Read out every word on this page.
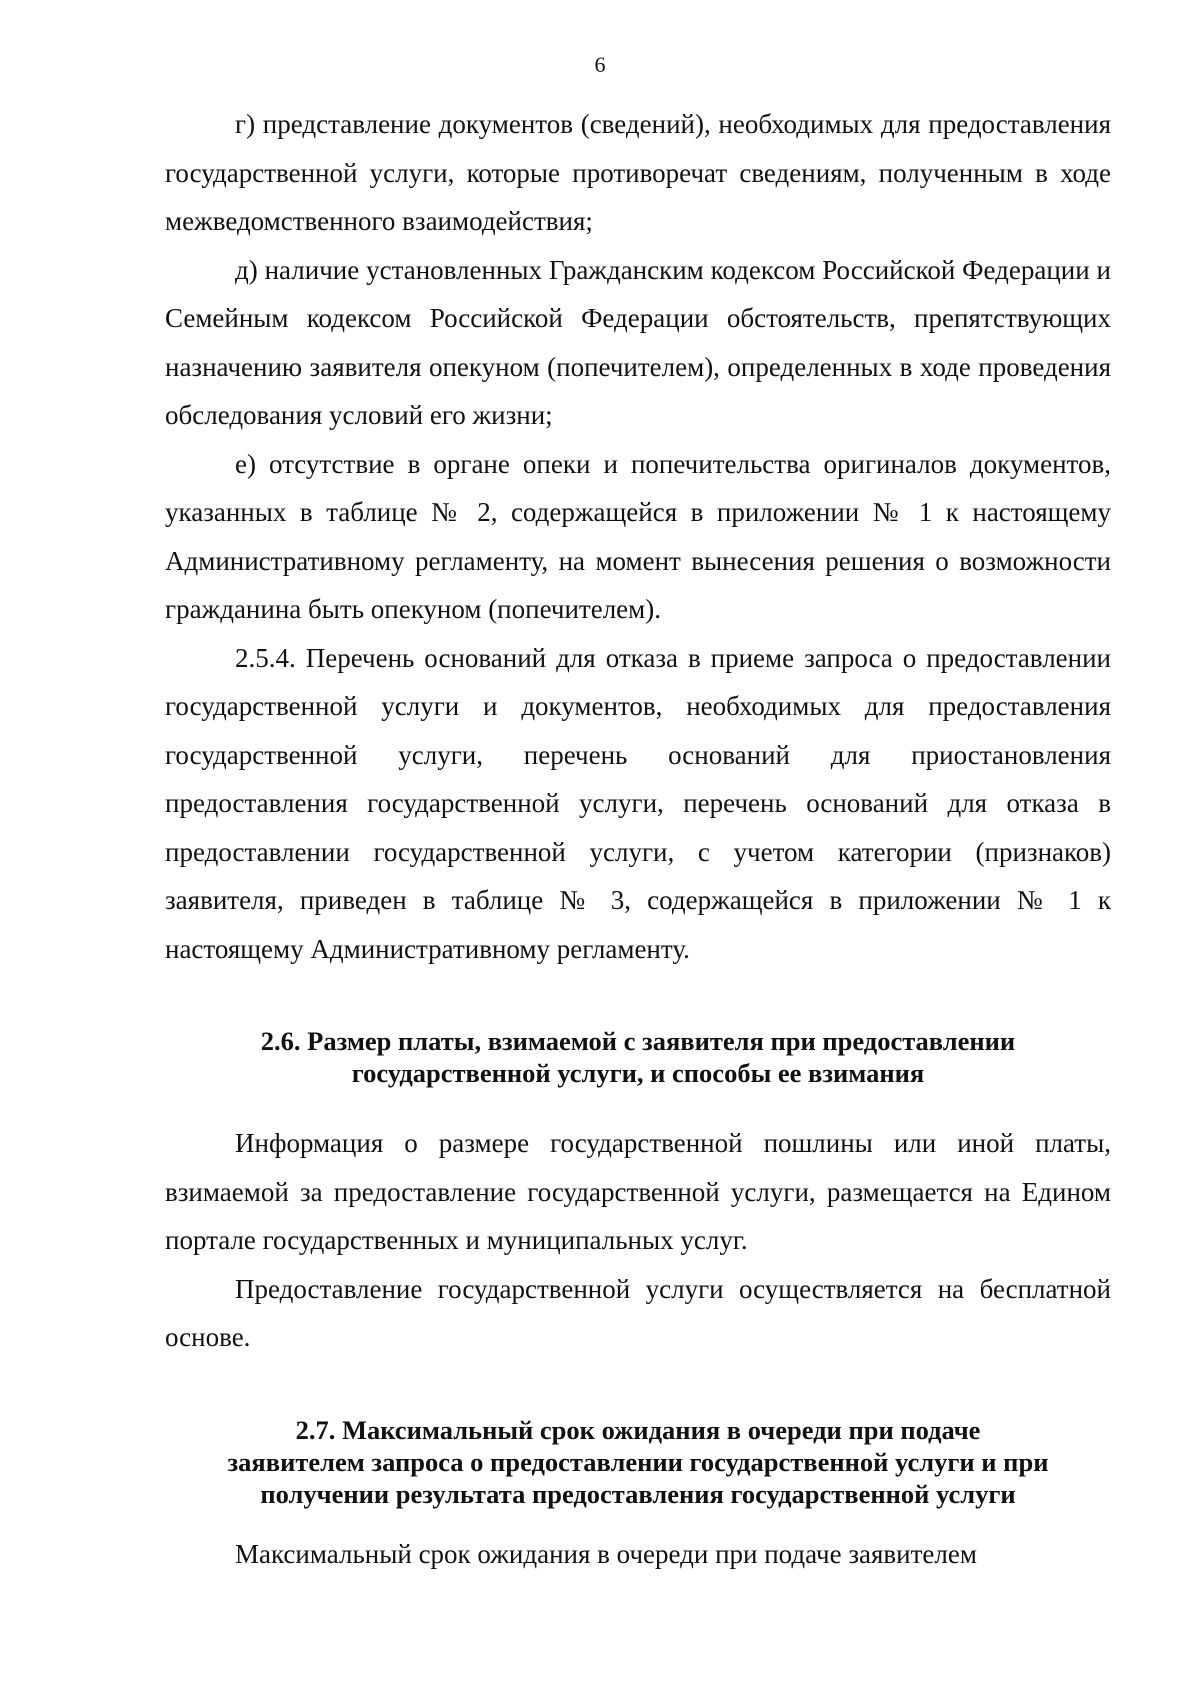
6

г) представление документов (сведений), необходимых для предоставления государственной услуги, которые противоречат сведениям, полученным в ходе межведомственного взаимодействия;

д) наличие установленных Гражданским кодексом Российской Федерации и Семейным кодексом Российской Федерации обстоятельств, препятствующих назначению заявителя опекуном (попечителем), определенных в ходе проведения обследования условий его жизни;

е) отсутствие в органе опеки и попечительства оригиналов документов, указанных в таблице № 2, содержащейся в приложении № 1 к настоящему Административному регламенту, на момент вынесения решения о возможности гражданина быть опекуном (попечителем).

2.5.4. Перечень оснований для отказа в приеме запроса о предоставлении государственной услуги и документов, необходимых для предоставления государственной услуги, перечень оснований для приостановления предоставления государственной услуги, перечень оснований для отказа в предоставлении государственной услуги, с учетом категории (признаков) заявителя, приведен в таблице № 3, содержащейся в приложении № 1 к настоящему Административному регламенту.

2.6. Размер платы, взимаемой с заявителя при предоставлении
государственной услуги, и способы ее взимания

Информация о размере государственной пошлины или иной платы, взимаемой за предоставление государственной услуги, размещается на Едином портале государственных и муниципальных услуг.

Предоставление государственной услуги осуществляется на бесплатной основе.

2.7. Максимальный срок ожидания в очереди при подаче
заявителем запроса о предоставлении государственной услуги и при
получении результата предоставления государственной услуги

Максимальный срок ожидания в очереди при подаче заявителем
